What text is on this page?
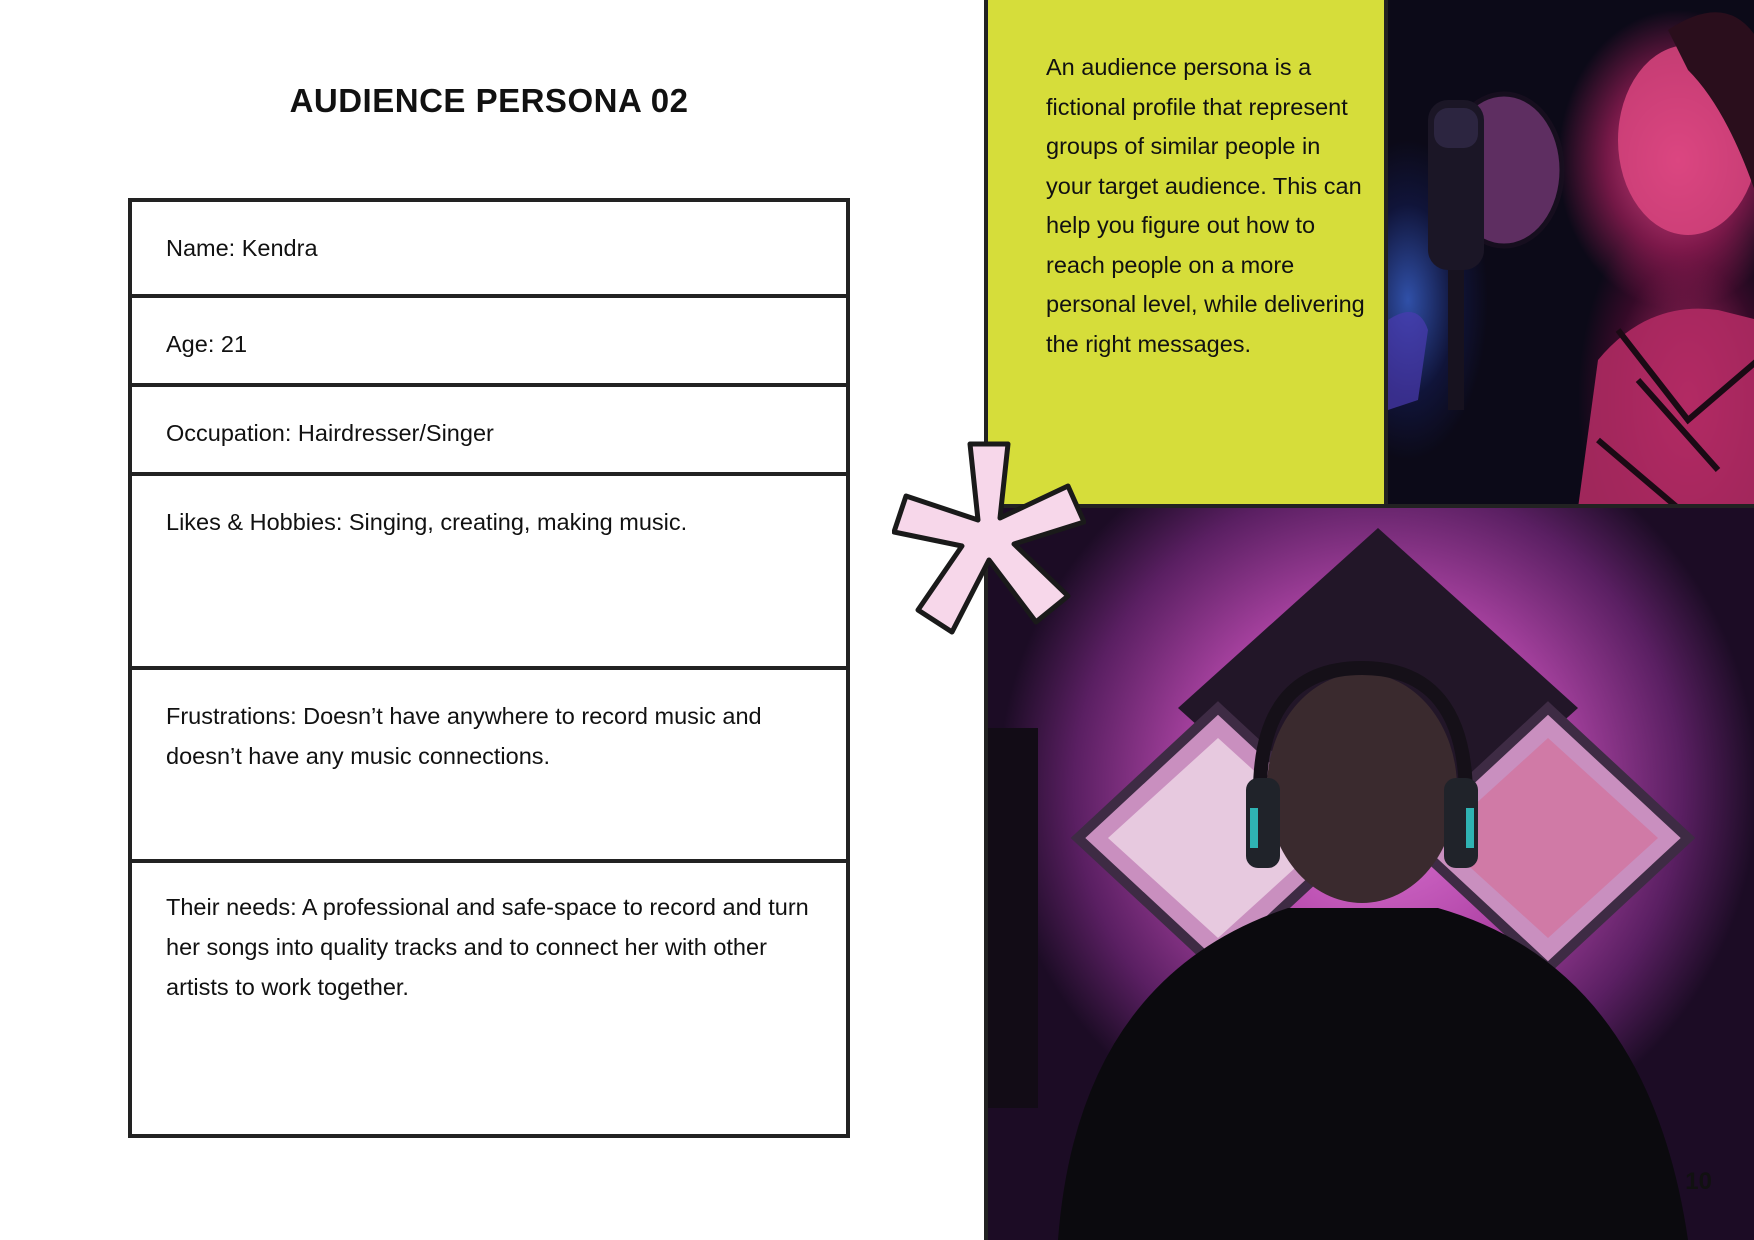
AUDIENCE PERSONA 02
Name: Kendra
Age: 21
Occupation: Hairdresser/Singer
Likes & Hobbies: Singing, creating, making music.
Frustrations: Doesn’t have anywhere to record music and doesn’t have any music connections.
Their needs: A professional and safe-space to record and turn her songs into quality tracks and to connect her with other artists to work together.
An audience persona is a fictional profile that represent groups of similar people in your target audience. This can help you figure out how to reach people on a more personal level, while delivering the right messages.
10
